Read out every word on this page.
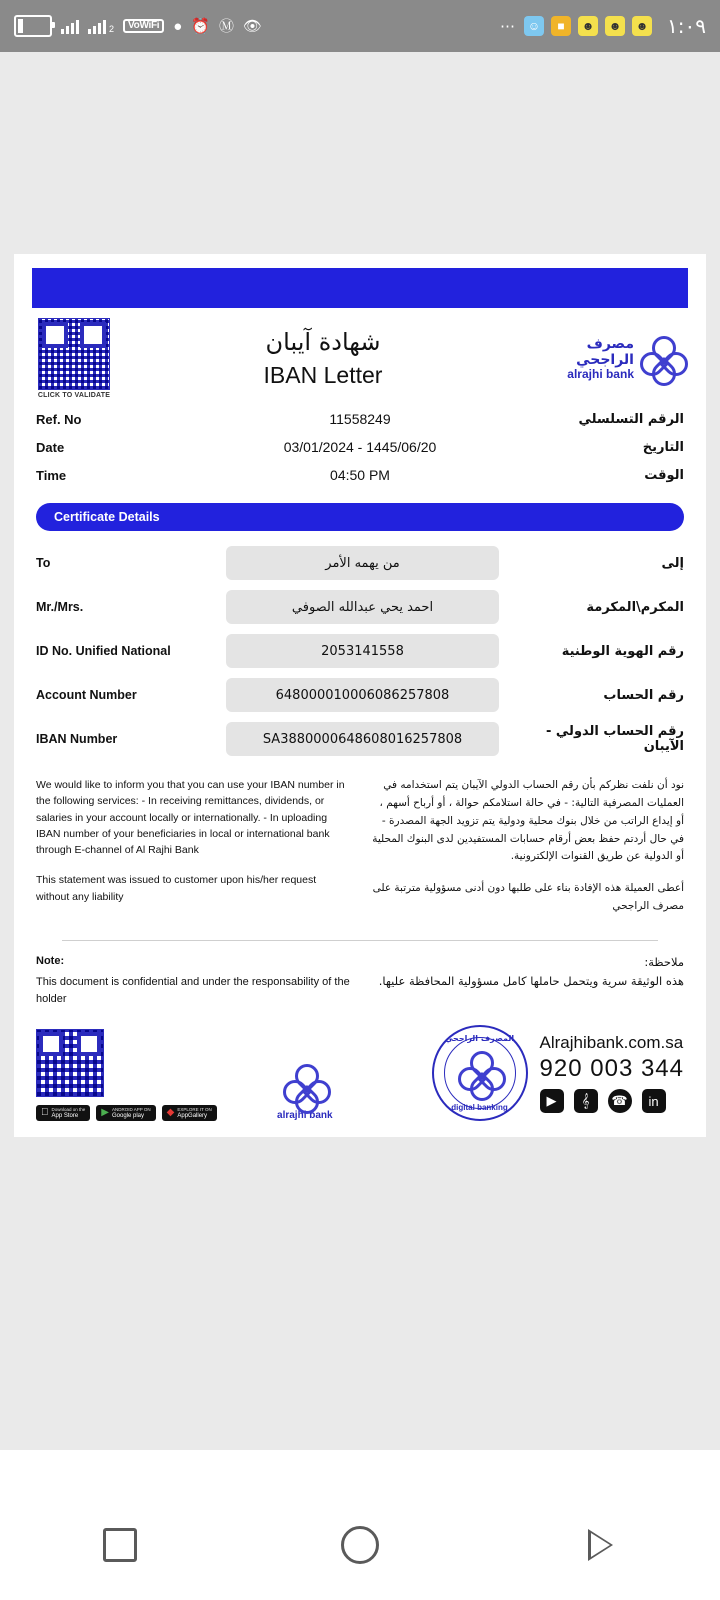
2	VoWiFi ● ⏰ Ⓜ 👁	⋯ ☺	■	☻	☻	☻ ١:٠٩
CLICK TO VALIDATE
شهادة آيبان
IBAN Letter
مصرف الراجحي
alrajhi bank
Ref. No	11558249	الرقم التسلسلي
Date	03/01/2024 - 1445/06/20	التاريخ
Time	04:50 PM	الوقت
Certificate Details
To	من يهمه الأمر	إلى
Mr./Mrs.	احمد يحي عبدالله الصوفي	المكرم\المكرمة
ID No. Unified National	2053141558	رقم الهوية الوطنية
Account Number	648000010006086257808	رقم الحساب
IBAN Number	SA3880000648608016257808	رقم الحساب الدولي - الآيبان

We would like to inform you that you can use your IBAN number in the following services: - In receiving remittances, dividends, or salaries in your account locally or internationally. - In uploading IBAN number of your beneficiaries in local or international bank through E-channel of Al Rajhi Bank

This statement was issued to customer upon his/her request without any liability

نود أن نلفت نظركم بأن رقم الحساب الدولي الآيبان يتم استخدامه في العمليات المصرفية التالية: - في حالة استلامكم حوالة ، أو أرباح أسهم ، أو إيداع الراتب من خلال بنوك محلية ودولية يتم تزويد الجهة المصدرة - في حال أردتم حفظ بعض أرقام حسابات المستفيدين لدى البنوك المحلية أو الدولية عن طريق القنوات الإلكترونية.

أعطى العميلة هذه الإفادة بناء على طلبها دون أدنى مسؤولية مترتبة على مصرف الراجحي

Note:
This document is confidential and under the responsability of the holder
ملاحظة:
هذه الوثيقة سرية ويتحمل حاملها كامل مسؤولية المحافظة عليها.
Download on the
App Store	▶ ANDROID APP ON
Google play	◆ EXPLORE IT ON
AppGallery	alrajhi bank
المصرف الراجحي
digital banking
Alrajhibank.com.sa
920 003 344
▶	𝄞	☎	in
